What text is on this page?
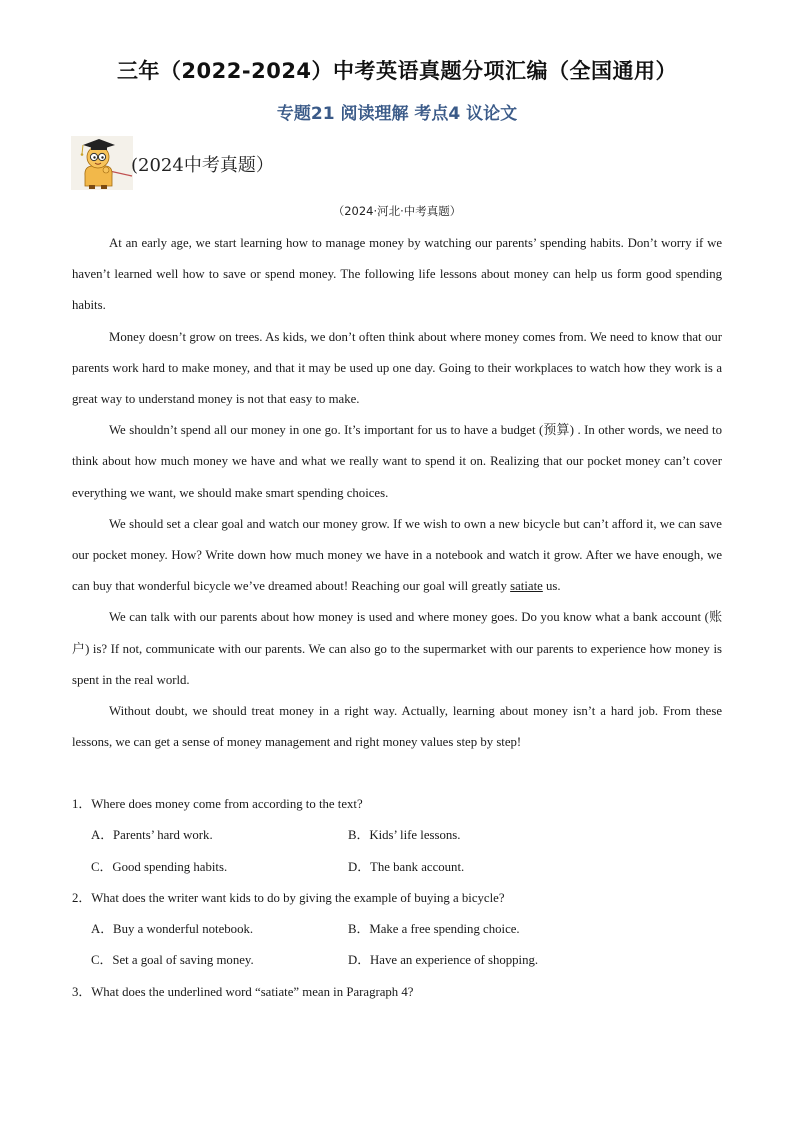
三年（2022-2024）中考英语真题分项汇编（全国通用）
专题21 阅读理解 考点4 议论文
(2024中考真题）
（2024·河北·中考真题）

At an early age, we start learning how to manage money by watching our parents’ spending habits. Don’t worry if we haven’t learned well how to save or spend money. The following life lessons about money can help us form good spending habits.

Money doesn’t grow on trees. As kids, we don’t often think about where money comes from. We need to know that our parents work hard to make money, and that it may be used up one day. Going to their workplaces to watch how they work is a great way to understand money is not that easy to make.

We shouldn’t spend all our money in one go. It’s important for us to have a budget (预算) . In other words, we need to think about how much money we have and what we really want to spend it on. Realizing that our pocket money can’t cover everything we want, we should make smart spending choices.

We should set a clear goal and watch our money grow. If we wish to own a new bicycle but can’t afford it, we can save our pocket money. How? Write down how much money we have in a notebook and watch it grow. After we have enough, we can buy that wonderful bicycle we’ve dreamed about! Reaching our goal will greatly satiate us.

We can talk with our parents about how money is used and where money goes. Do you know what a bank account (账户) is? If not, communicate with our parents. We can also go to the supermarket with our parents to experience how money is spent in the real world.

Without doubt, we should treat money in a right way. Actually, learning about money isn’t a hard job. From these lessons, we can get a sense of money management and right money values step by step!

1．Where does money come from according to the text?
A．Parents’ hard work.	B．Kids’ life lessons.
C．Good spending habits.	D．The bank account.
2．What does the writer want kids to do by giving the example of buying a bicycle?
A．Buy a wonderful notebook.	B．Make a free spending choice.
C．Set a goal of saving money.	D．Have an experience of shopping.
3．What does the underlined word “satiate” mean in Paragraph 4?
